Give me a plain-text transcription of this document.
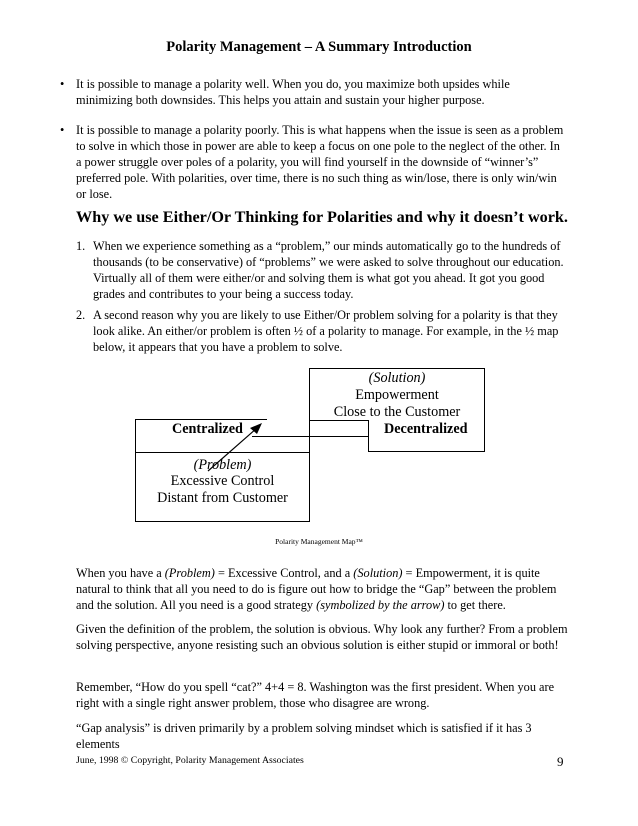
Polarity Management – A Summary Introduction
• It is possible to manage a polarity well. When you do, you maximize both upsides while minimizing both downsides. This helps you attain and sustain your higher purpose.
• It is possible to manage a polarity poorly. This is what happens when the issue is seen as a problem to solve in which those in power are able to keep a focus on one pole to the neglect of the other. In a power struggle over poles of a polarity, you will find yourself in the downside of “winner’s” preferred pole. With polarities, over time, there is no such thing as win/lose, there is only win/win or lose.
Why we use Either/Or Thinking for Polarities and why it doesn’t work.
1. When we experience something as a “problem,” our minds automatically go to the hundreds of thousands (to be conservative) of “problems” we were asked to solve throughout our education. Virtually all of them were either/or and solving them is what got you ahead. It got you good grades and contributes to your being a success today.
2. A second reason why you are likely to use Either/Or problem solving for a polarity is that they look alike. An either/or problem is often ½ of a polarity to manage. For example, in the ½ map below, it appears that you have a problem to solve.
(Solution)
Empowerment
Close to the Customer
Centralized	Decentralized
(Problem)
Excessive Control
Distant from Customer
Polarity Management Map™
When you have a (Problem) = Excessive Control, and a (Solution) = Empowerment, it is quite natural to think that all you need to do is figure out how to bridge the “Gap” between the problem and the solution. All you need is a good strategy (symbolized by the arrow) to get there.
Given the definition of the problem, the solution is obvious. Why look any further? From a problem solving perspective, anyone resisting such an obvious solution is either stupid or immoral or both!
Remember, “How do you spell “cat?” 4+4 = 8. Washington was the first president. When you are right with a single right answer problem, those who disagree are wrong.
“Gap analysis” is driven primarily by a problem solving mindset which is satisfied if it has 3 elements
June, 1998 © Copyright, Polarity Management Associates	9
